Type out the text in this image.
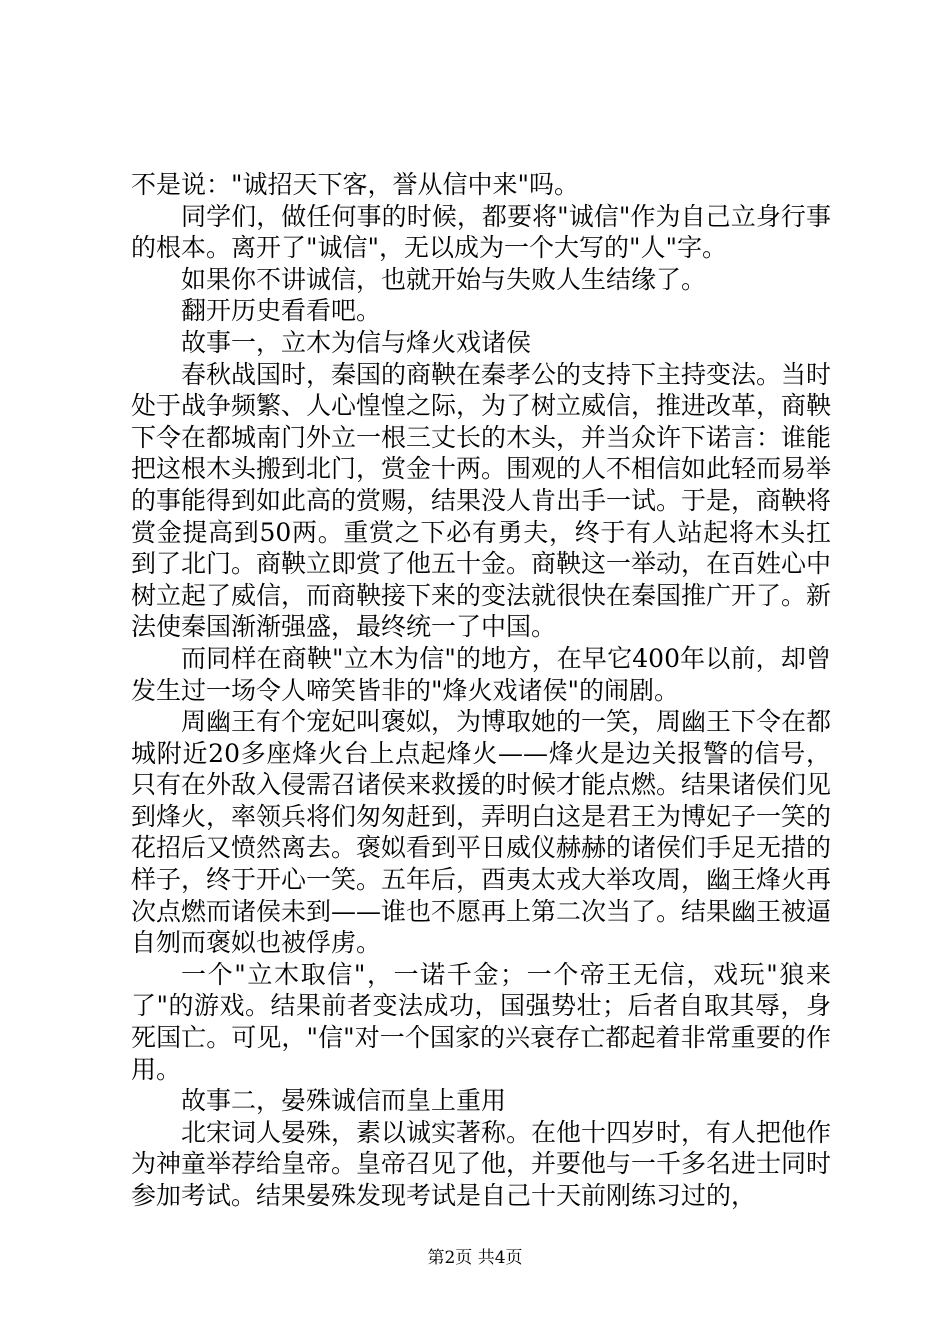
不是说："诚招天下客，誉从信中来"吗。

同学们，做任何事的时候，都要将"诚信"作为自己立身行事的根本。离开了"诚信"，无以成为一个大写的"人"字。

如果你不讲诚信，也就开始与失败人生结缘了。

翻开历史看看吧。

故事一，立木为信与烽火戏诸侯

春秋战国时，秦国的商鞅在秦孝公的支持下主持变法。当时处于战争频繁、人心惶惶之际，为了树立威信，推进改革，商鞅下令在都城南门外立一根三丈长的木头，并当众许下诺言：谁能把这根木头搬到北门，赏金十两。围观的人不相信如此轻而易举的事能得到如此高的赏赐，结果没人肯出手一试。于是，商鞅将赏金提高到50两。重赏之下必有勇夫，终于有人站起将木头扛到了北门。商鞅立即赏了他五十金。商鞅这一举动，在百姓心中树立起了威信，而商鞅接下来的变法就很快在秦国推广开了。新法使秦国渐渐强盛，最终统一了中国。

而同样在商鞅"立木为信"的地方，在早它400年以前，却曾发生过一场令人啼笑皆非的"烽火戏诸侯"的闹剧。

周幽王有个宠妃叫褒姒，为博取她的一笑，周幽王下令在都城附近20多座烽火台上点起烽火——烽火是边关报警的信号，只有在外敌入侵需召诸侯来救援的时候才能点燃。结果诸侯们见到烽火，率领兵将们匆匆赶到，弄明白这是君王为博妃子一笑的花招后又愤然离去。褒姒看到平日威仪赫赫的诸侯们手足无措的样子，终于开心一笑。五年后，酉夷太戎大举攻周，幽王烽火再次点燃而诸侯未到——谁也不愿再上第二次当了。结果幽王被逼自刎而褒姒也被俘虏。

一个"立木取信"，一诺千金；一个帝王无信，戏玩"狼来了"的游戏。结果前者变法成功，国强势壮；后者自取其辱，身死国亡。可见，"信"对一个国家的兴衰存亡都起着非常重要的作用。

故事二，晏殊诚信而皇上重用

北宋词人晏殊，素以诚实著称。在他十四岁时，有人把他作为神童举荐给皇帝。皇帝召见了他，并要他与一千多名进士同时参加考试。结果晏殊发现考试是自己十天前刚练习过的，

第2页 共4页
